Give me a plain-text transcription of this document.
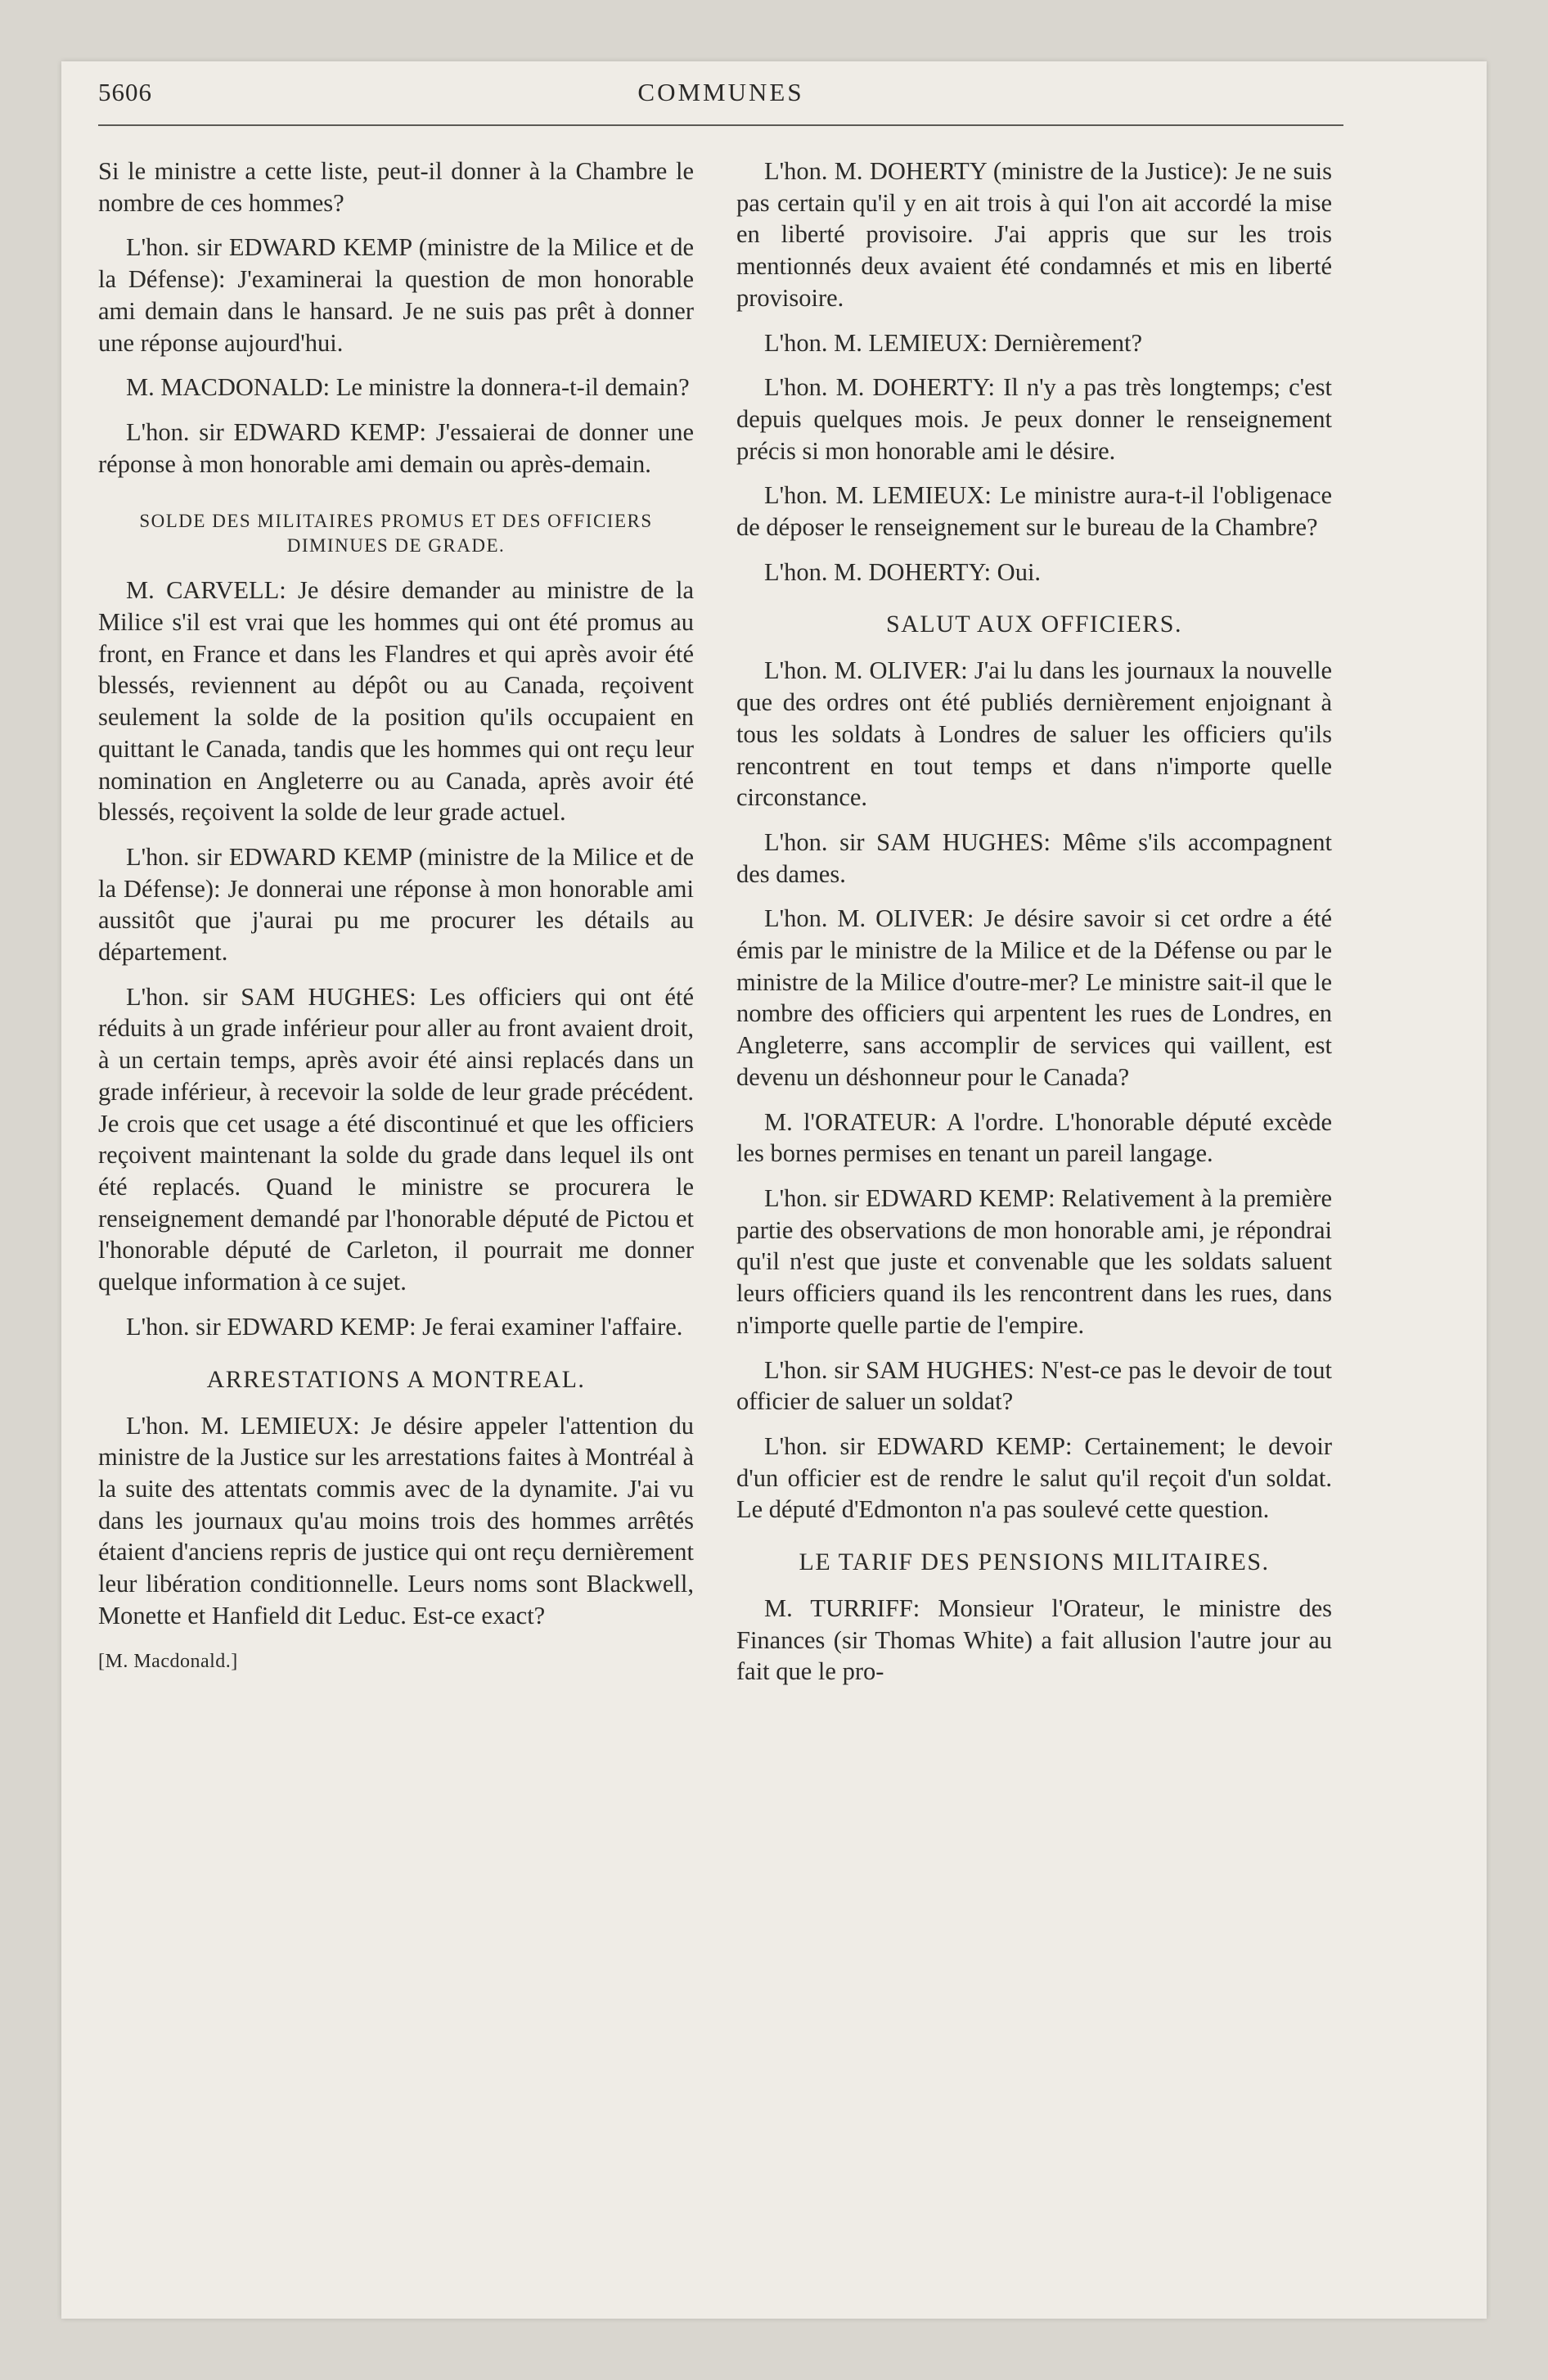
5606	COMMUNES

Si le ministre a cette liste, peut-il donner à la Chambre le nombre de ces hommes?

L'hon. sir EDWARD KEMP (ministre de la Milice et de la Défense): J'examinerai la question de mon honorable ami demain dans le hansard. Je ne suis pas prêt à donner une réponse aujourd'hui.

M. MACDONALD: Le ministre la donnera-t-il demain?

L'hon. sir EDWARD KEMP: J'essaierai de donner une réponse à mon honorable ami demain ou après-demain.

SOLDE DES MILITAIRES PROMUS ET DES OFFICIERS DIMINUES DE GRADE.

M. CARVELL: Je désire demander au ministre de la Milice s'il est vrai que les hommes qui ont été promus au front, en France et dans les Flandres et qui après avoir été blessés, reviennent au dépôt ou au Canada, reçoivent seulement la solde de la position qu'ils occupaient en quittant le Canada, tandis que les hommes qui ont reçu leur nomination en Angleterre ou au Canada, après avoir été blessés, reçoivent la solde de leur grade actuel.

L'hon. sir EDWARD KEMP (ministre de la Milice et de la Défense): Je donnerai une réponse à mon honorable ami aussitôt que j'aurai pu me procurer les détails au département.

L'hon. sir SAM HUGHES: Les officiers qui ont été réduits à un grade inférieur pour aller au front avaient droit, à un certain temps, après avoir été ainsi replacés dans un grade inférieur, à recevoir la solde de leur grade précédent. Je crois que cet usage a été discontinué et que les officiers reçoivent maintenant la solde du grade dans lequel ils ont été replacés. Quand le ministre se procurera le renseignement demandé par l'honorable député de Pictou et l'honorable député de Carleton, il pourrait me donner quelque information à ce sujet.

L'hon. sir EDWARD KEMP: Je ferai examiner l'affaire.

ARRESTATIONS A MONTREAL.

L'hon. M. LEMIEUX: Je désire appeler l'attention du ministre de la Justice sur les arrestations faites à Montréal à la suite des attentats commis avec de la dynamite. J'ai vu dans les journaux qu'au moins trois des hommes arrêtés étaient d'anciens repris de justice qui ont reçu dernièrement leur libération conditionnelle. Leurs noms sont Blackwell, Monette et Hanfield dit Leduc. Est-ce exact?

[M. Macdonald.]

L'hon. M. DOHERTY (ministre de la Justice): Je ne suis pas certain qu'il y en ait trois à qui l'on ait accordé la mise en liberté provisoire. J'ai appris que sur les trois mentionnés deux avaient été condamnés et mis en liberté provisoire.

L'hon. M. LEMIEUX: Dernièrement?

L'hon. M. DOHERTY: Il n'y a pas très longtemps; c'est depuis quelques mois. Je peux donner le renseignement précis si mon honorable ami le désire.

L'hon. M. LEMIEUX: Le ministre aura-t-il l'obligenace de déposer le renseignement sur le bureau de la Chambre?

L'hon. M. DOHERTY: Oui.

SALUT AUX OFFICIERS.

L'hon. M. OLIVER: J'ai lu dans les journaux la nouvelle que des ordres ont été publiés dernièrement enjoignant à tous les soldats à Londres de saluer les officiers qu'ils rencontrent en tout temps et dans n'importe quelle circonstance.

L'hon. sir SAM HUGHES: Même s'ils accompagnent des dames.

L'hon. M. OLIVER: Je désire savoir si cet ordre a été émis par le ministre de la Milice et de la Défense ou par le ministre de la Milice d'outre-mer? Le ministre sait-il que le nombre des officiers qui arpentent les rues de Londres, en Angleterre, sans accomplir de services qui vaillent, est devenu un déshonneur pour le Canada?

M. l'ORATEUR: A l'ordre. L'honorable député excède les bornes permises en tenant un pareil langage.

L'hon. sir EDWARD KEMP: Relativement à la première partie des observations de mon honorable ami, je répondrai qu'il n'est que juste et convenable que les soldats saluent leurs officiers quand ils les rencontrent dans les rues, dans n'importe quelle partie de l'empire.

L'hon. sir SAM HUGHES: N'est-ce pas le devoir de tout officier de saluer un soldat?

L'hon. sir EDWARD KEMP: Certainement; le devoir d'un officier est de rendre le salut qu'il reçoit d'un soldat. Le député d'Edmonton n'a pas soulevé cette question.

LE TARIF DES PENSIONS MILITAIRES.

M. TURRIFF: Monsieur l'Orateur, le ministre des Finances (sir Thomas White) a fait allusion l'autre jour au fait que le pro-
